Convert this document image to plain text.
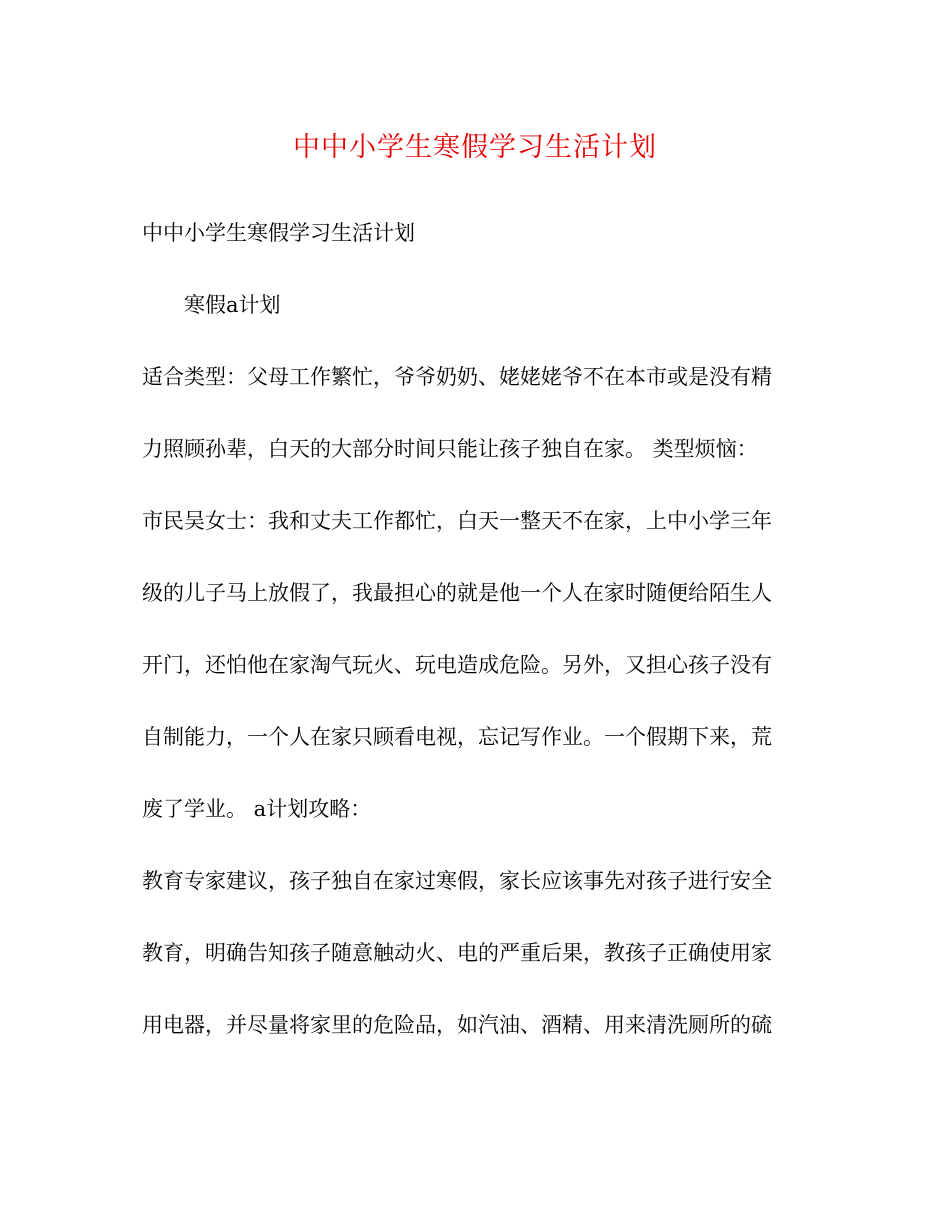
中中小学生寒假学习生活计划
中中小学生寒假学习生活计划
寒假a计划
适合类型：父母工作繁忙，爷爷奶奶、姥姥姥爷不在本市或是没有精
力照顾孙辈，白天的大部分时间只能让孩子独自在家。 类型烦恼：
市民吴女士：我和丈夫工作都忙，白天一整天不在家，上中小学三年
级的儿子马上放假了，我最担心的就是他一个人在家时随便给陌生人
开门，还怕他在家淘气玩火、玩电造成危险。另外，又担心孩子没有
自制能力，一个人在家只顾看电视，忘记写作业。一个假期下来，荒
废了学业。 a计划攻略：
教育专家建议，孩子独自在家过寒假，家长应该事先对孩子进行安全
教育，明确告知孩子随意触动火、电的严重后果，教孩子正确使用家
用电器，并尽量将家里的危险品，如汽油、酒精、用来清洗厕所的硫
